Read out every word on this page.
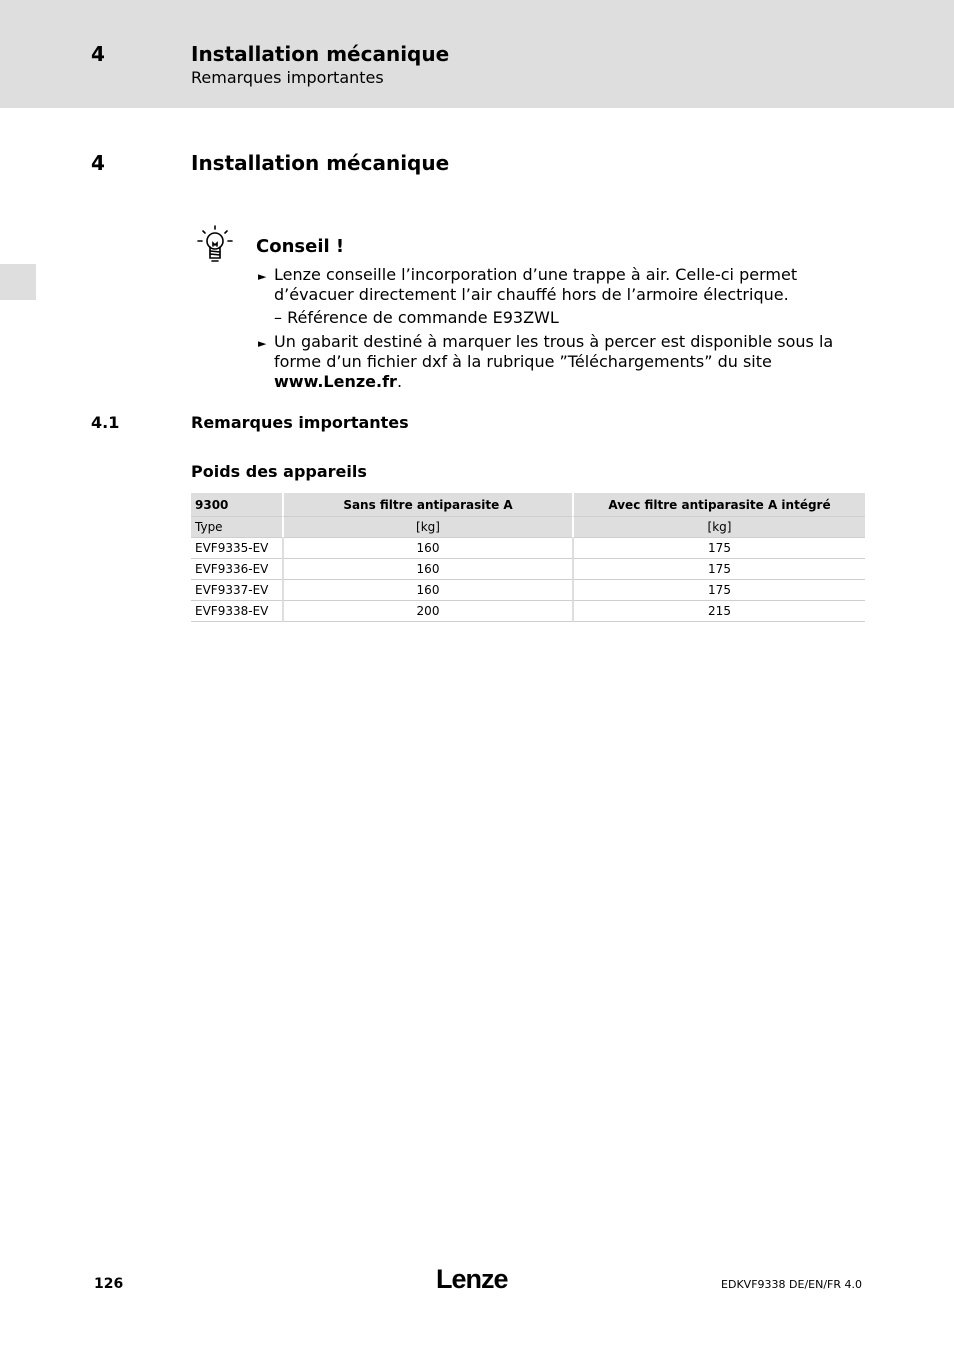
4	Installation mécanique
Remarques importantes
4	Installation mécanique
Conseil !
► Lenze conseille l’incorporation d’une trappe à air. Celle-ci permet d’évacuer directement l’air chauffé hors de l’armoire électrique.
– Référence de commande E93ZWL
► Un gabarit destiné à marquer les trous à percer est disponible sous la forme d’un fichier dxf à la rubrique ”Téléchargements” du site www.Lenze.fr.
4.1	Remarques importantes
Poids des appareils
9300	Sans filtre antiparasite A	Avec filtre antiparasite A intégré
Type	[kg]	[kg]
EVF9335-EV	160	175
EVF9336-EV	160	175
EVF9337-EV	160	175
EVF9338-EV	200	215
126	Lenze	EDKVF9338 DE/EN/FR 4.0
